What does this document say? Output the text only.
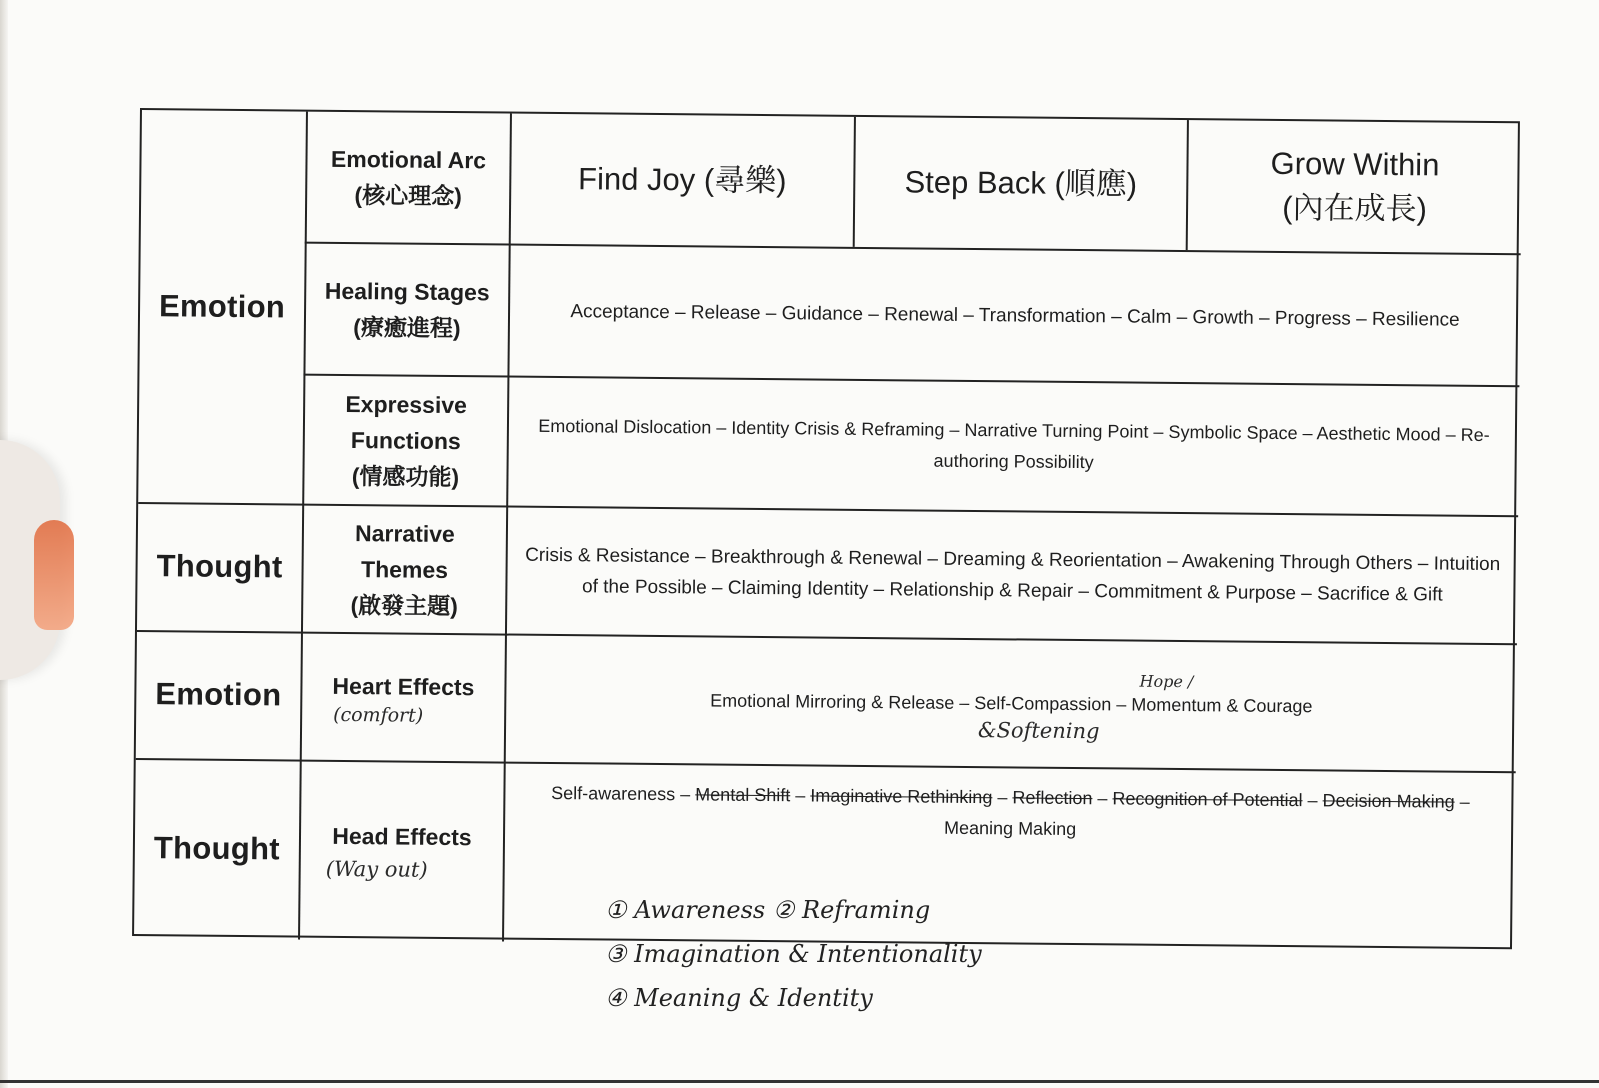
Emotion
Thought
Emotion
Thought
Emotional Arc
(核心理念)
Healing Stages
(療癒進程)
Expressive
Functions
(情感功能)
Narrative
Themes
(啟發主題)
Heart Effects
(comfort)
Head Effects
(Way out)
Find Joy (尋樂)	Step Back (順應)
Grow Within
(內在成長)
Acceptance – Release – Guidance – Renewal – Transformation – Calm – Growth – Progress – Resilience
Emotional Dislocation – Identity Crisis & Reframing – Narrative Turning Point – Symbolic Space – Aesthetic Mood – Re-authoring Possibility
Crisis & Resistance – Breakthrough & Renewal – Dreaming & Reorientation – Awakening Through Others – Intuition of the Possible – Claiming Identity – Relationship & Repair – Commitment & Purpose – Sacrifice & Gift
Emotional Mirroring & Release – Self-Compassion –
Hope /
Momentum & Courage
&Softening
Self-awareness – Mental Shift – Imaginative Rethinking – Reflection – Recognition of Potential – Decision Making – Meaning Making
① Awareness ② Reframing
③ Imagination & Intentionality
④ Meaning & Identity
